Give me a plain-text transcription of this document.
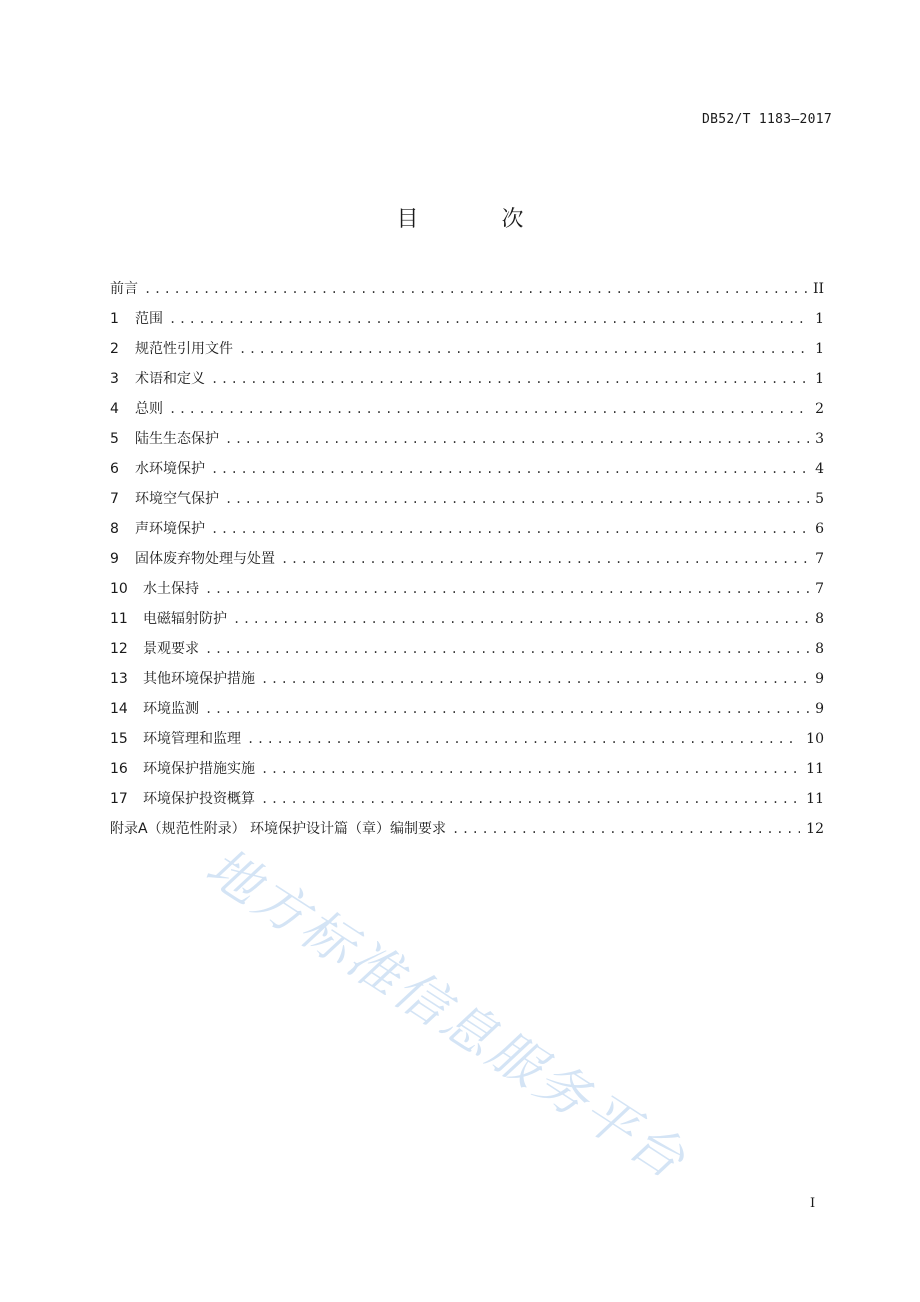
DB52/T 1183—2017
目 次
前言 .....	II
1	范围 .....	1
2	规范性引用文件 .....	1
3	术语和定义 .....	1
4	总则 .....	2
5	陆生生态保护 .....	3
6	水环境保护 .....	4
7	环境空气保护 .....	5
8	声环境保护 .....	6
9	固体废弃物处理与处置 .....	7
10	水土保持 .....	7
11	电磁辐射防护 .....	8
12	景观要求 .....	8
13	其他环境保护措施 .....	9
14	环境监测 .....	9
15	环境管理和监理 .....	10
16	环境保护措施实施 .....	11
17	环境保护投资概算 .....	11
附录A（规范性附录） 环境保护设计篇（章）编制要求 .....	12
地方标准信息服务平台
I
